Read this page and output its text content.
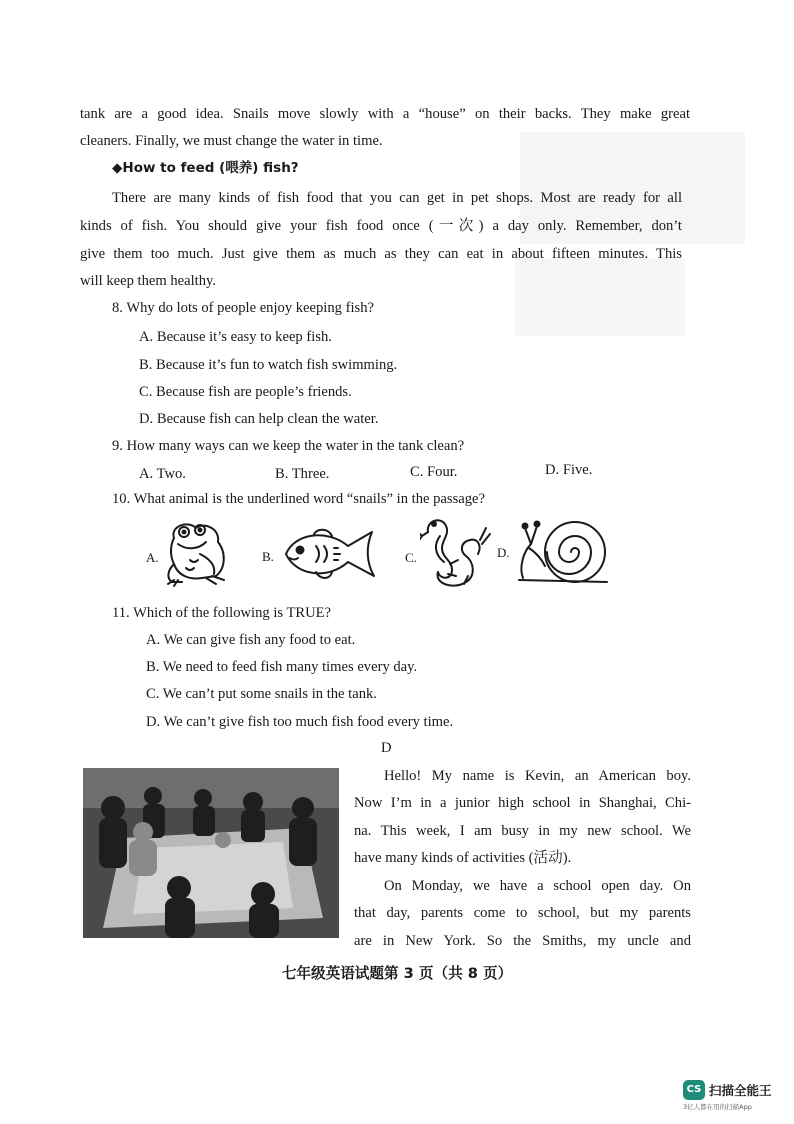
tank are a good idea. Snails move slowly with a “house” on their backs. They make great
cleaners. Finally, we must change the water in time.
◆How to feed (喂养) fish?
There are many kinds of fish food that you can get in pet shops. Most are ready for all
kinds of fish. You should give your fish food once (一次) a day only. Remember, don’t
give them too much. Just give them as much as they can eat in about fifteen minutes. This
will keep them healthy.
8. Why do lots of people enjoy keeping fish?
A. Because it’s easy to keep fish.
B. Because it’s fun to watch fish swimming.
C. Because fish are people’s friends.
D. Because fish can help clean the water.
9. How many ways can we keep the water in the tank clean?
A. Two.	B. Three.	C. Four.	D. Five.
10. What animal is the underlined word “snails” in the passage?
A.	B.	C.	D.
11. Which of the following is TRUE?
A. We can give fish any food to eat.
B. We need to feed fish many times every day.
C. We can’t put some snails in the tank.
D. We can’t give fish too much fish food every time.
D
Hello! My name is Kevin, an American boy.
Now I’m in a junior high school in Shanghai, Chi-
na. This week, I am busy in my new school. We
have many kinds of activities (活动).
On Monday, we have a school open day. On
that day, parents come to school, but my parents
are in New York. So the Smiths, my uncle and
七年级英语试题第 3 页（共 8 页）
CS 扫描全能王
3亿人都在用的扫描App
